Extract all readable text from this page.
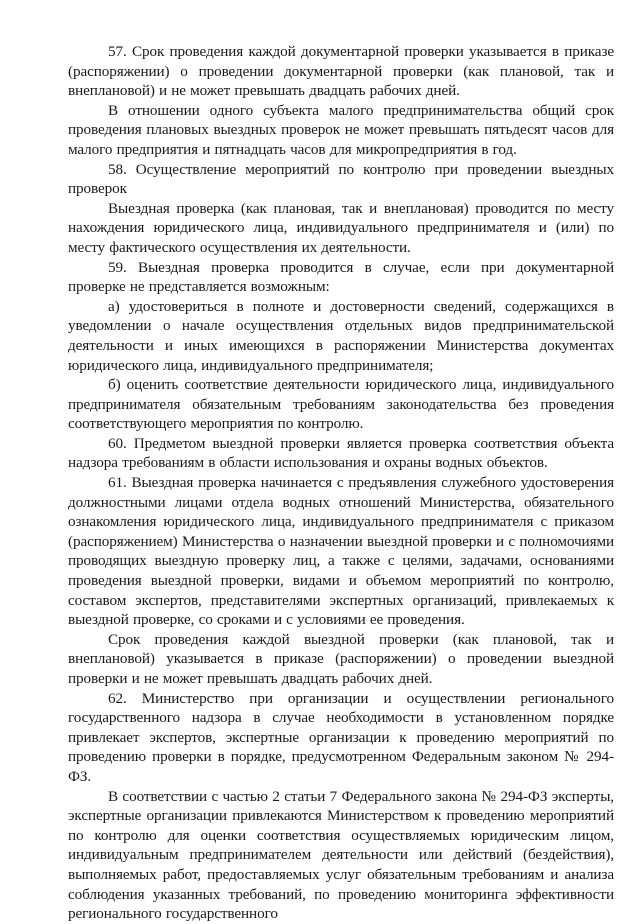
57. Срок проведения каждой документарной проверки указывается в приказе (распоряжении) о проведении документарной проверки (как плановой, так и внеплановой) и не может превышать двадцать рабочих дней.

В отношении одного субъекта малого предпринимательства общий срок проведения плановых выездных проверок не может превышать пятьдесят часов для малого предприятия и пятнадцать часов для микропредприятия в год.

58. Осуществление мероприятий по контролю при проведении выездных проверок

Выездная проверка (как плановая, так и внеплановая) проводится по месту нахождения юридического лица, индивидуального предпринимателя и (или) по месту фактического осуществления их деятельности.

59. Выездная проверка проводится в случае, если при документарной проверке не представляется возможным:

а) удостовериться в полноте и достоверности сведений, содержащихся в уведомлении о начале осуществления отдельных видов предпринимательской деятельности и иных имеющихся в распоряжении Министерства документах юридического лица, индивидуального предпринимателя;

б) оценить соответствие деятельности юридического лица, индивидуального предпринимателя обязательным требованиям законодательства без проведения соответствующего мероприятия по контролю.

60. Предметом выездной проверки является проверка соответствия объекта надзора требованиям в области использования и охраны водных объектов.

61. Выездная проверка начинается с предъявления служебного удостоверения должностными лицами отдела водных отношений Министерства, обязательного ознакомления юридического лица, индивидуального предпринимателя с приказом (распоряжением) Министерства о назначении выездной проверки и с полномочиями проводящих выездную проверку лиц, а также с целями, задачами, основаниями проведения выездной проверки, видами и объемом мероприятий по контролю, составом экспертов, представителями экспертных организаций, привлекаемых к выездной проверке, со сроками и с условиями ее проведения.

Срок проведения каждой выездной проверки (как плановой, так и внеплановой) указывается в приказе (распоряжении) о проведении выездной проверки и не может превышать двадцать рабочих дней.

62. Министерство при организации и осуществлении регионального государственного надзора в случае необходимости в установленном порядке привлекает экспертов, экспертные организации к проведению мероприятий по проведению проверки в порядке, предусмотренном Федеральным законом № 294-ФЗ.

В соответствии с частью 2 статьи 7 Федерального закона № 294-ФЗ эксперты, экспертные организации привлекаются Министерством к проведению мероприятий по контролю для оценки соответствия осуществляемых юридическим лицом, индивидуальным предпринимателем деятельности или действий (бездействия), выполняемых работ, предоставляемых услуг обязательным требованиям и анализа соблюдения указанных требований, по проведению мониторинга эффективности регионального государственного
